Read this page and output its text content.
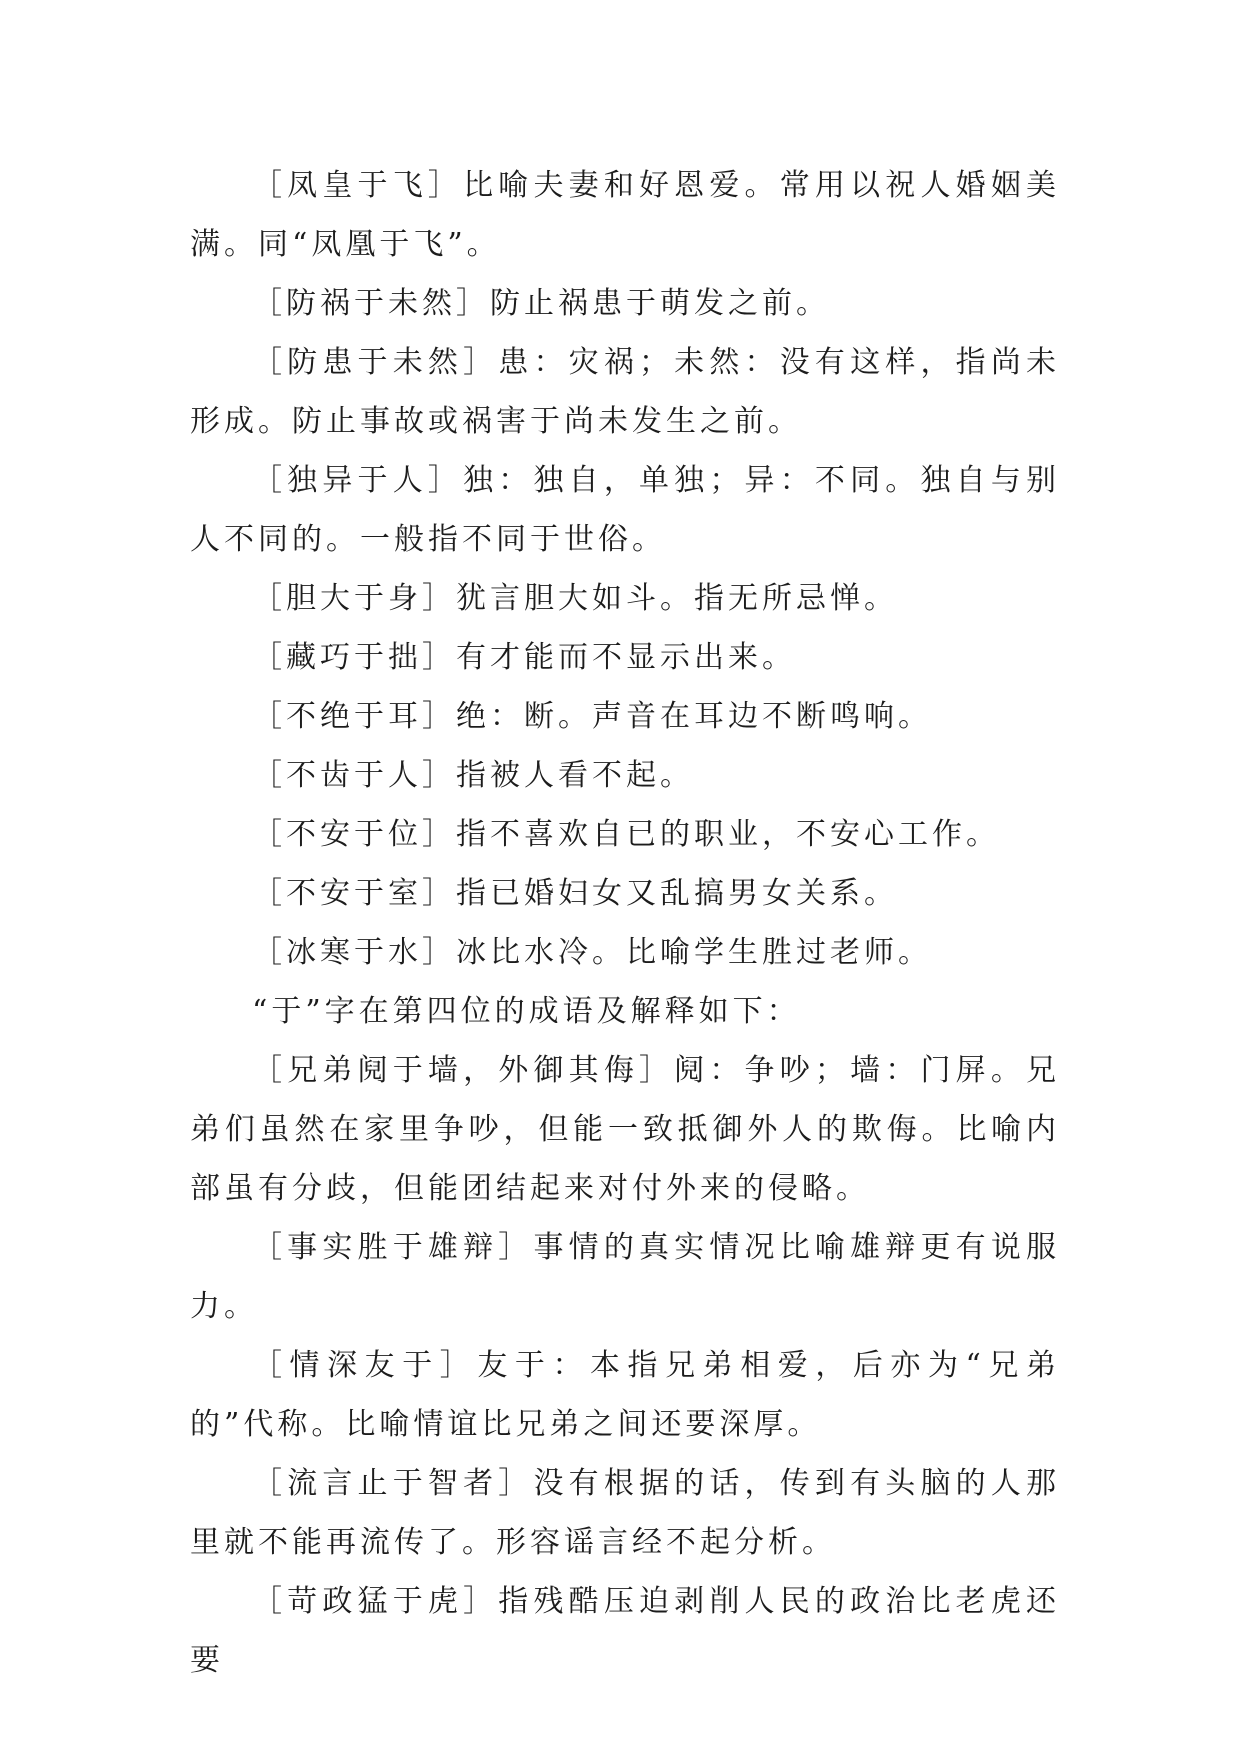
［凤皇于飞］比喻夫妻和好恩爱。常用以祝人婚姻美满。同“凤凰于飞”。

［防祸于未然］防止祸患于萌发之前。

［防患于未然］患：灾祸；未然：没有这样，指尚未形成。防止事故或祸害于尚未发生之前。

［独异于人］独：独自，单独；异：不同。独自与别人不同的。一般指不同于世俗。

［胆大于身］犹言胆大如斗。指无所忌惮。

［藏巧于拙］有才能而不显示出来。

［不绝于耳］绝：断。声音在耳边不断鸣响。

［不齿于人］指被人看不起。

［不安于位］指不喜欢自已的职业，不安心工作。

［不安于室］指已婚妇女又乱搞男女关系。

［冰寒于水］冰比水冷。比喻学生胜过老师。

“于”字在第四位的成语及解释如下：

［兄弟阋于墙，外御其侮］阋：争吵；墙：门屏。兄弟们虽然在家里争吵，但能一致抵御外人的欺侮。比喻内部虽有分歧，但能团结起来对付外来的侵略。

［事实胜于雄辩］事情的真实情况比喻雄辩更有说服力。

［情深友于］友于：本指兄弟相爱，后亦为“兄弟的”代称。比喻情谊比兄弟之间还要深厚。

［流言止于智者］没有根据的话，传到有头脑的人那里就不能再流传了。形容谣言经不起分析。

［苛政猛于虎］指残酷压迫剥削人民的政治比老虎还要
